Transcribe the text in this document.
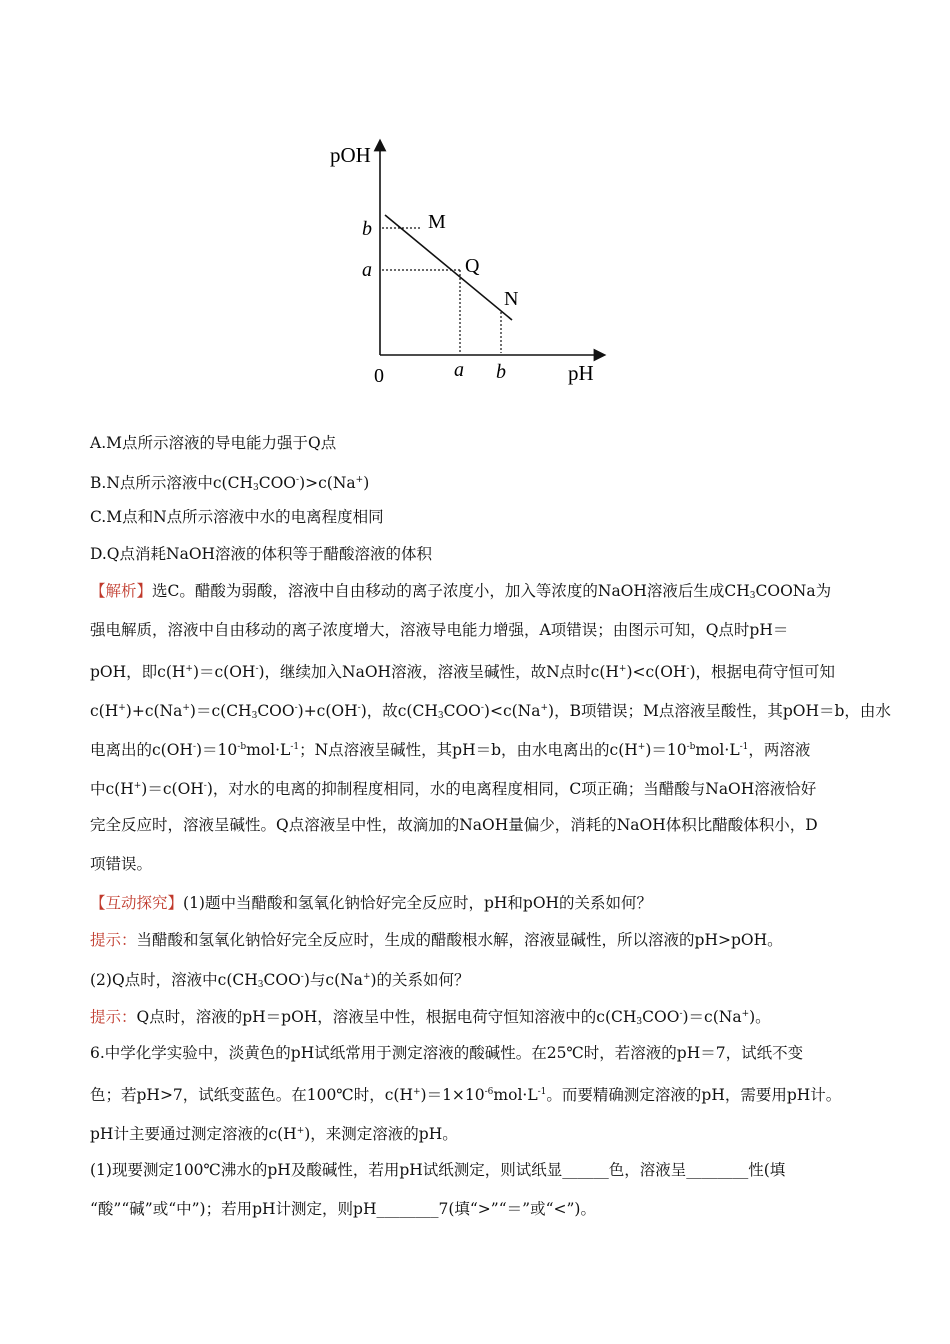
pOH
pH
0
b
a
a b
M
Q
N
A.M点所示溶液的导电能力强于Q点
B.N点所示溶液中$c(CH_3COO^-)>c(Na^+)$
C.M点和N点所示溶液中水的电离程度相同
D.Q点消耗NaOH溶液的体积等于醋酸溶液的体积
【解析】选C。醋酸为弱酸，溶液中自由移动的离子浓度小，加入等浓度的NaOH溶液后生成$CH_3COONa$为
强电解质，溶液中自由移动的离子浓度增大，溶液导电能力增强，A项错误；由图示可知，Q点时pH＝
pOH，即c(H+)＝c(OH-)，继续加入NaOH溶液，溶液呈碱性，故N点时c(H+)<c(OH-)，根据电荷守恒可知
$c(H^+)+c(Na^+)=c(CH_3COO^-)+c(OH^-)$，故$c(CH_3COO^-)<c(Na^+)$，B项错误；M点溶液呈酸性，其pOH＝b，由水
电离出的$c(OH^-)=10^{-b}mol\cdot L^{-1}$；N点溶液呈碱性，其pH＝b，由水电离出的$c(H^+)=10^{-b}mol\cdot L^{-1}$，两溶液
中c(H+)＝c(OH-)，对水的电离的抑制程度相同，水的电离程度相同，C项正确；当醋酸与NaOH溶液恰好
完全反应时，溶液呈碱性。Q点溶液呈中性，故滴加的NaOH量偏少，消耗的NaOH体积比醋酸体积小，D
项错误。
【互动探究】(1)题中当醋酸和氢氧化钠恰好完全反应时，pH和pOH的关系如何？
提示：当醋酸和氢氧化钠恰好完全反应时，生成的醋酸根水解，溶液显碱性，所以溶液的pH>pOH。
(2)Q点时，溶液中$c(CH_3COO^-)$与c(Na+)的关系如何？
提示：Q点时，溶液的pH＝pOH，溶液呈中性，根据电荷守恒知溶液中的$c(CH_3COO^-)=c(Na^+)$。
6.中学化学实验中，淡黄色的pH试纸常用于测定溶液的酸碱性。在25℃时，若溶液的pH＝7，试纸不变
色；若pH>7，试纸变蓝色。在100℃时，$c(H^+)=1\times 10^{-6}mol\cdot L^{-1}$。而要精确测定溶液的pH，需要用pH计。
pH计主要通过测定溶液的c(H+)，来测定溶液的pH。
(1)现要测定100℃沸水的pH及酸碱性，若用pH试纸测定，则试纸显______色，溶液呈________性(填
“酸”“碱”或“中”)；若用pH计测定，则pH________7(填“>”“＝”或“<”)。
